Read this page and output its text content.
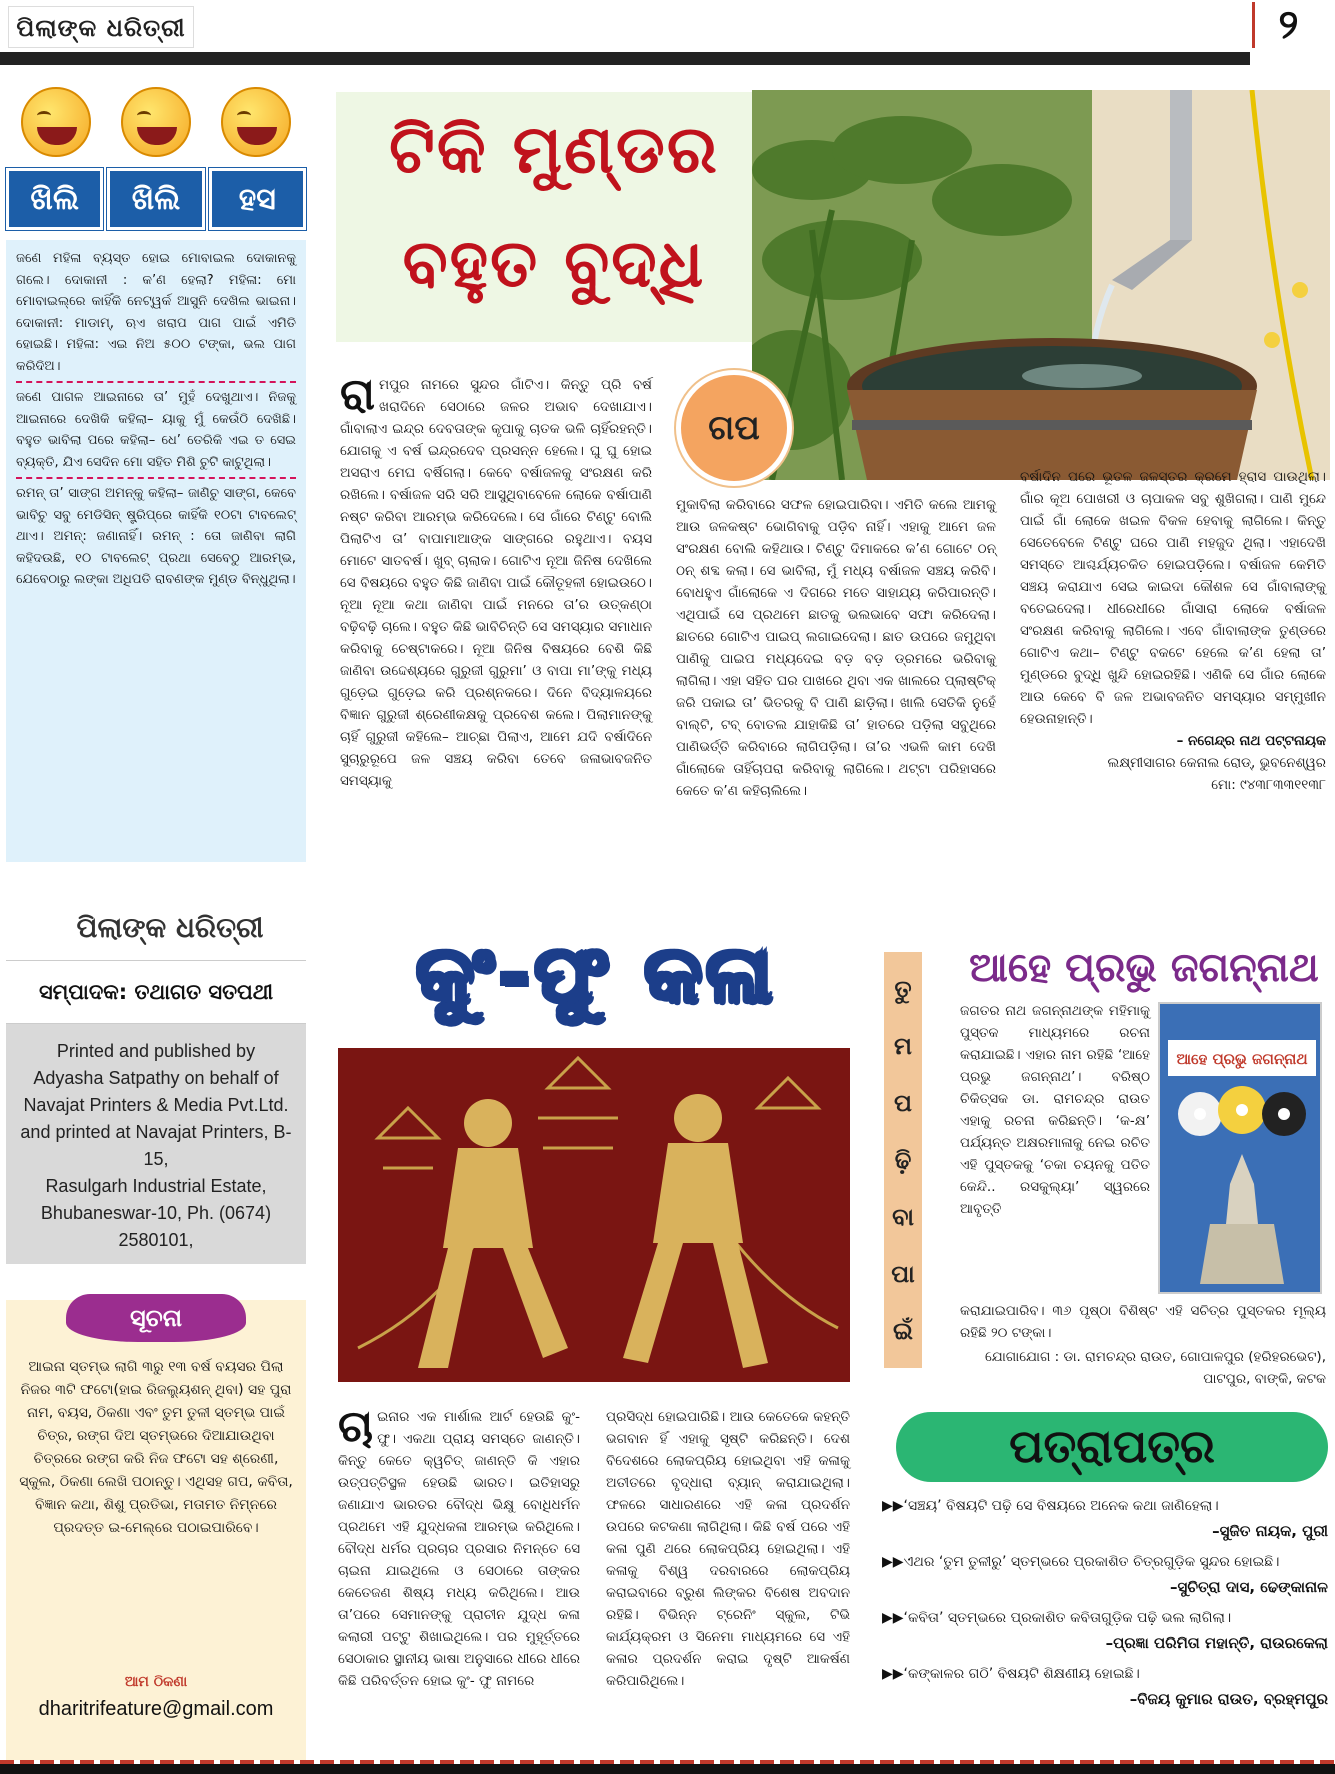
ପିଲାଙ୍କ ଧରିତ୍ରୀ	୨
ଖିଲି	ଖିଲି	ହସ

ଜଣେ ମହିଳା ବ୍ୟସ୍ତ ହୋଇ ମୋବାଇଲ ଦୋକାନକୁ ଗଲେ। ଦୋକାନୀ : କ’ଣ ହେଲା? ମହିଳା: ମୋ ମୋବାଇଲ୍‌ରେ କାହିଁକି ନେଟ୍‌ୱର୍କ ଆସୁନି ଦେଖିଲ ଭାଇନା। ଦୋକାନୀ: ମାଡାମ୍, ଋଏ ଖରାପ ପାଗ ପାଇଁ ଏମିତି ହୋଇଛି। ମହିଳା: ଏଇ ନିଅ ୫୦୦ ଟଙ୍କା, ଭଲ ପାଗ କରିଦିଅ।

ଜଣେ ପାଗଳ ଆଇନାରେ ତା’ ମୁହଁ ଦେଖୁଥାଏ। ନିଜକୁ ଆଇନାରେ ଦେଖିକି କହିଲା– ୟାକୁ ମୁଁ କେଉଁଠି ଦେଖିଛି। ବହୁତ ଭାବିଲା ପରେ କହିଲା– ଧେ’ ତେରିକି ଏଇ ତ ସେଇ ବ୍ୟକ୍ତି, ଯିଏ ସେଦିନ ମୋ ସହିତ ମିଶି ଚୁଟି କାଟୁଥିଲା।

ରମନ୍ ତା’ ସାଙ୍ଗ ଅମନ୍‌କୁ କହିଲା– ଜାଣିଚୁ ସାଙ୍ଗ, କେବେ ଭାବିଚୁ ସବୁ ମେଡିସିନ୍ ଷ୍ଟ୍ରିପ୍‌ରେ କାହିଁକି ୧୦ଟା ଟାବଲେଟ୍ ଥାଏ। ଅମନ୍: ଜଣାନାହିଁ। ରମନ୍ : ତୋ ଜାଣିବା ଲାଗି କହିଦଉଛି, ୧୦ ଟାବଲେଟ୍ ପ୍ରଥା ସେବେଠୁ ଆରମ୍ଭ, ଯେବେଠାରୁ ଲଙ୍କା ଅଧିପତି ରାବଣଙ୍କ ମୁଣ୍ଡ ବିନ୍ଧୁଥିଲା।

ପିଲାଙ୍କ ଧରିତ୍ରୀ
ସମ୍ପାଦକ: ତଥାଗତ ସତପଥୀ
Printed and published by
Adyasha Satpathy on behalf of
Navajat Printers & Media Pvt.Ltd.
and printed at Navajat Printers, B-15,
Rasulgarh Industrial Estate,
Bhubaneswar-10, Ph. (0674) 2580101,
ସୂଚନା

ଆଇନା ସ୍ତମ୍ଭ ଲାଗି ୩ରୁ ୧୩ ବର୍ଷ ବୟସର ପିଲା ନିଜର ୩ଟି ଫଟୋ(ହାଇ ରିଜଲ୍ୟୁଶନ୍ ଥିବା) ସହ ପୁରା ନାମ, ବୟସ, ଠିକଣା ଏବଂ ତୁମ ତୁଳୀ ସ୍ତମ୍ଭ ପାଇଁ ଚିତ୍ର, ରଙ୍ଗ ଦିଅ ସ୍ତମ୍ଭରେ ଦିଆଯାଉଥିବା ଚିତ୍ରରେ ରଙ୍ଗ କରି ନିଜ ଫଟୋ ସହ ଶ୍ରେଣୀ, ସ୍କୁଲ, ଠିକଣା ଲେଖି ପଠାନ୍ତୁ। ଏଥିସହ ଗପ, କବିତା, ବିଜ୍ଞାନ କଥା, ଶିଶୁ ପ୍ରତିଭା, ମତାମତ ନିମ୍ନରେ ପ୍ରଦତ୍ତ ଇ-ମେଲ୍‌ରେ ପଠାଇପାରିବେ।

ଆମ ଠିକଣା
dharitrifeature@gmail.com
ଟିକି ମୁଣ୍ଡର
ବହୁତ ବୁଦ୍ଧି
ଗପ

ରାମପୁର ନାମରେ ସୁନ୍ଦର ଗାଁଟିଏ। କିନ୍ତୁ ପ୍ରି ବର୍ଷ ଖରାଦିନେ ସେଠାରେ ଜଳର ଅଭାବ ଦେଖାଯାଏ। ଗାଁବାଲାଏ ଇନ୍ଦ୍ର ଦେବତାଙ୍କ କୃପାକୁ ଚାତକ ଭଳି ଚାହିଁରହନ୍ତି। ଯୋଗକୁ ଏ ବର୍ଷ ଇନ୍ଦ୍ରଦେବ ପ୍ରସନ୍ନ ହେଲେ। ଘୁ ଘୁ ହୋଇ ଅସରାଏ ମେଘ ବର୍ଷିଗଲା। କେବେ ବର୍ଷାଜଳକୁ ସଂରକ୍ଷଣ କରି ରଖିଲେ। ବର୍ଷାଜଳ ସରି ସରି ଆସୁଥିବାବେଳେ ଲୋକେ ବର୍ଷାପାଣି ନଷ୍ଟ କରିବା ଆରମ୍ଭ କରିଦେଲେ। ସେ ଗାଁରେ ଟିଣ୍ଟୁ ବୋଲି ପିଲାଟିଏ ତା’ ବାପାମାଆଙ୍କ ସାଙ୍ଗରେ ରହୁଥାଏ। ବୟସ ମୋଟେ ସାତବର୍ଷ। ଖୁବ୍ ଚାଲାକ। ଗୋଟିଏ ନୂଆ ଜିନିଷ ଦେଖିଲେ ସେ ବିଷୟରେ ବହୁତ କିଛି ଜାଣିବା ପାଇଁ କୌତୂହଳୀ ହୋଇଉଠେ। ନୂଆ ନୂଆ କଥା ଜାଣିବା ପାଇଁ ମନରେ ତା’ର ଉତ୍କଣ୍ଠା ବଢ଼ିବଢ଼ି ଚାଲେ। ବହୁତ କିଛି ଭାବିଚିନ୍ତି ସେ ସମସ୍ୟାର ସମାଧାନ କରିବାକୁ ଚେଷ୍ଟାକରେ। ନୂଆ ଜିନିଷ ବିଷୟରେ ବେଶି କିଛି ଜାଣିବା ଉଦ୍ଦେଶ୍ୟରେ ଗୁରୁଜୀ ଗୁରୁମା’ ଓ ବାପା ମା’ଙ୍କୁ ମଧ୍ୟ ଗୁଡ଼େଇ ଗୁଡ଼େଇ କରି ପ୍ରଶ୍ନକରେ। ଦିନେ ବିଦ୍ୟାଳୟରେ ବିଜ୍ଞାନ ଗୁରୁଜୀ ଶ୍ରେଣୀକକ୍ଷକୁ ପ୍ରବେଶ କଲେ। ପିଲାମାନଙ୍କୁ ଚାହିଁ ଗୁରୁଜୀ କହିଲେ– ଆଚ୍ଛା ପିଲାଏ, ଆମେ ଯଦି ବର୍ଷାଦିନେ ସୁଚାରୁରୂପେ ଜଳ ସଞ୍ଚୟ କରିବା ତେବେ ଜଳାଭାବଜନିତ ସମସ୍ୟାକୁ

ମୁକାବିଲା କରିବାରେ ସଫଳ ହୋଇପାରିବା। ଏମିତି କଲେ ଆମକୁ ଆଉ ଜଳକଷ୍ଟ ଭୋଗିବାକୁ ପଡ଼ିବ ନାହିଁ। ଏହାକୁ ଆମେ ଜଳ ସଂରକ୍ଷଣ ବୋଲି କହିଥାଉ। ଟିଣ୍ଟୁ ଦିମାକରେ କ’ଣ ଗୋଟେ ଠନ୍ ଠନ୍ ଶବ୍ଦ କଲା। ସେ ଭାବିଲା, ମୁଁ ମଧ୍ୟ ବର୍ଷାଜଳ ସଞ୍ଚୟ କରିବି। ବୋଧହୁଏ ଗାଁଲୋକେ ଏ ଦିଗରେ ମତେ ସାହାଯ୍ୟ କରିପାରନ୍ତି। ଏଥିପାଇଁ ସେ ପ୍ରଥମେ ଛାତକୁ ଭଲଭାବେ ସଫା କରିଦେଲା। ଛାତରେ ଗୋଟିଏ ପାଇପ୍ ଲଗାଇଦେଲା। ଛାତ ଉପରେ ଜମୁଥିବା ପାଣିକୁ ପାଇପ ମଧ୍ୟଦେଇ ବଡ଼ ବଡ଼ ଡ୍ରମରେ ଭରିବାକୁ ଲାଗିଲା। ଏହା ସହିତ ଘର ପାଖରେ ଥିବା ଏକ ଖାଲରେ ପ୍ଲାଷ୍ଟିକ୍ ଜରି ପକାଇ ତା’ ଭିତରକୁ ବି ପାଣି ଛାଡ଼ିଲା। ଖାଲି ସେତିକି ନୁହେଁ ବାଲ୍‌ଟି, ଟବ୍‌ ବୋତଲ ଯାହାକିଛି ତା’ ହାତରେ ପଡ଼ିଲା ସବୁଥିରେ ପାଣିଭର୍ତ୍ତି କରିବାରେ ଲାଗିପଡ଼ିଲା। ତା’ର ଏଭଳି କାମ ଦେଖି ଗାଁଲୋକେ ତାହିଁଚାପରା କରିବାକୁ ଲାଗିଲେ। ଥଟ୍ଟା ପରିହାସରେ କେତେ କ’ଣ କହିଚାଲିଲେ।

ବର୍ଷାଦିନ ପରେ ଭୂତଳ ଜଳସ୍ତର କ୍ରମେ ହ୍ରାସ ପାଉଥିଲା। ଗାଁର କୂଅ ପୋଖରୀ ଓ ଚାପାକଳ ସବୁ ଶୁଖିଗଲା। ପାଣି ମୁନ୍ଦେ ପାଇଁ ଗାଁ ଲୋକେ ଖଇଳ ବିକଳ ହେବାକୁ ଲାଗିଲେ। କିନ୍ତୁ ସେତେବେଳେ ଟିଣ୍ଟୁ ଘରେ ପାଣି ମହଜୁଦ ଥିଲା। ଏହାଦେଖି ସମସ୍ତେ ଆଶ୍ଚର୍ଯ୍ୟଚକିତ ହୋଇପଡ଼ିଲେ। ବର୍ଷାଜଳ କେମିତି ସଞ୍ଚୟ କରାଯାଏ ସେଇ କାଇଦା କୌଶଳ ସେ ଗାଁବାଲାଙ୍କୁ ବତେଇଦେଲା। ଧୀରେଧୀରେ ଗାଁସାରା ଲୋକେ ବର୍ଷାଜଳ ସଂରକ୍ଷଣ କରିବାକୁ ଲାଗିଲେ। ଏବେ ଗାଁବାଲାଙ୍କ ତୁଣ୍ଡରେ ଗୋଟିଏ କଥା– ଟିଣ୍ଟୁ ବକଟେ ହେଲେ କ’ଣ ହେଲା ତା’ ମୁଣ୍ଡରେ ବୁଦ୍ଧି ଖୁନ୍ଦି ହୋଇରହିଛି। ଏଣିକି ସେ ଗାଁର ଲୋକେ ଆଉ କେବେ ବି ଜଳ ଅଭାବଜନିତ ସମସ୍ୟାର ସମ୍ମୁଖୀନ ହେଉନାହାନ୍ତି।

– ନଗେନ୍ଦ୍ର ନାଥ ପଟ୍ଟନାୟକ

ଲକ୍ଷ୍ମୀସାଗର କେନାଲ ରୋଡ୍, ଭୁବନେଶ୍ୱର

ମୋ: ୯୪୩୮୩୩୧୧୩୮

କୁଂ-ଫୁ କଳା

ଚାଇନାର ଏକ ମାର୍ଶାଲ ଆର୍ଟ ହେଉଛି କୁଂ-ଫୁ। ଏକଥା ପ୍ରାୟ ସମସ୍ତେ ଜାଣନ୍ତି। କିନ୍ତୁ କେତେ କ୍ୱଚିତ୍ ଜାଣନ୍ତି କି ଏହାର ଉତ୍ପତ୍ତିସ୍ଥଳ ହେଉଛି ଭାରତ। ଇତିହାସରୁ ଜଣାଯାଏ ଭାରତର ବୌଦ୍ଧ ଭିକ୍ଷୁ ବୋଧିଧର୍ମନ ପ୍ରଥମେ ଏହି ଯୁଦ୍ଧକଳା ଆରମ୍ଭ କରିଥିଲେ। ବୌଦ୍ଧ ଧର୍ମର ପ୍ରଚାର ପ୍ରସାର ନିମନ୍ତେ ସେ ଚାଇନା ଯାଇଥିଲେ ଓ ସେଠାରେ ତାଙ୍କର କେତେଜଣ ଶିଷ୍ୟ ମଧ୍ୟ କରିଥିଲେ। ଆଉ ତା’ପରେ ସେମାନଙ୍କୁ ପ୍ରାଚୀନ ଯୁଦ୍ଧ କଳା କଲାରୀ ପଟ୍ଟୁ ଶିଖାଇଥିଲେ। ପର ମୁହୂର୍ତ୍ତରେ ସେଠାକାର ସ୍ଥାନୀୟ ଭାଷା ଅନୁସାରେ ଧୀରେ ଧୀରେ କିଛି ପରିବର୍ତ୍ତନ ହୋଇ କୁଂ- ଫୁ ନାମରେ

ପ୍ରସିଦ୍ଧ ହୋଇପାରିଛି। ଆଉ କେତେକେ କହନ୍ତି ଭଗବାନ ହିଁ ଏହାକୁ ସୃଷ୍ଟି କରିଛନ୍ତି। ଦେଶ ବିଦେଶରେ ଲୋକପ୍ରିୟ ହୋଇଥିବା ଏହି କଳାକୁ ଅତୀତରେ ବୃଦ୍ଧାରା ବ୍ୟାନ୍ କରାଯାଇଥିଲା। ଫଳରେ ସାଧାରଣରେ ଏହି କଳା ପ୍ରଦର୍ଶନ ଉପରେ କଟକଣା ଲାଗିଥିଲା। କିଛି ବର୍ଷ ପରେ ଏହି କଳା ପୁଣି ଥରେ ଲୋକପ୍ରିୟ ହୋଇଥିଲା। ଏହି କଳାକୁ ବିଶ୍ୱ ଦରବାରରେ ଲୋକପ୍ରିୟ କରାଇବାରେ ବ୍ରୁଶ ଲିଙ୍କର ବିଶେଷ ଅବଦାନ ରହିଛି। ବିଭିନ୍ନ ଟ୍ରେନିଂ ସ୍କୁଲ, ଟିଭି କାର୍ଯ୍ୟକ୍ରମ ଓ ସିନେମା ମାଧ୍ୟମରେ ସେ ଏହି କଳାର ପ୍ରଦର୍ଶନ କରାଇ ଦୃଷ୍ଟି ଆକର୍ଷଣ କରିପାରିଥିଲେ।

ତୁ
ମ
ପ
ଢ଼ି
ବା
ପା
ଇଁ
ଆହେ ପ୍ରଭୁ ଜଗନ୍ନାଥ

ଜଗତର ନାଥ ଜଗନ୍ନାଥଙ୍କ ମହିମାକୁ ପୁସ୍ତକ ମାଧ୍ୟମରେ ରଚନା କରାଯାଇଛି। ଏହାର ନାମ ରହିଛି ‘ଆହେ ପ୍ରଭୁ ଜଗନ୍ନାଥ’। ବରିଷ୍ଠ ଚିକିତ୍ସକ ଡା. ରାମଚନ୍ଦ୍ର ରାଉତ ଏହାକୁ ରଚନା କରିଛନ୍ତି। ‘କ-କ୍ଷ’ ପର୍ଯ୍ୟନ୍ତ ଅକ୍ଷରମାଳାକୁ ନେଇ ରଚିତ ଏହି ପୁସ୍ତକକୁ ‘ଚକା ଚୟନକୁ ପତିତ କେନ୍ଦି.. ରସକୁଲ୍ୟା’ ସ୍ୱରରେ ଆବୃତ୍ତି

ଆହେ ପ୍ରଭୁ ଜଗନ୍ନାଥ

କରାଯାଇପାରିବ। ୩୬ ପୃଷ୍ଠା ବିଶିଷ୍ଟ ଏହି ସଚିତ୍ର ପୁସ୍ତକର ମୂଲ୍ୟ ରହିଛି ୨୦ ଟଙ୍କା।

ଯୋଗାଯୋଗ : ଡା. ରାମଚନ୍ଦ୍ର ରାଉତ, ଗୋପାଳପୁର (ହରିହରଭେଟ), ପାଟପୁର, ବାଙ୍କି, କଟକ

ପତ୍ରାପତ୍ର
▶▶‘ସଞ୍ଚୟ’ ବିଷୟଟି ପଢ଼ି ସେ ବିଷୟରେ ଅନେକ କଥା ଜାଣିହେଲା।
–ସୁଜିତ ନାୟକ, ପୁରୀ
▶▶ଏଥର ‘ତୁମ ତୁଳୀରୁ’ ସ୍ତମ୍ଭରେ ପ୍ରକାଶିତ ଚିତ୍ରଗୁଡ଼ିକ ସୁନ୍ଦର ହୋଇଛି।
–ସୁଚିତ୍ରା ଦାସ, ଢେଙ୍କାନାଳ
▶▶‘କବିତା’ ସ୍ତମ୍ଭରେ ପ୍ରକାଶିତ କବିତାଗୁଡ଼ିକ ପଢ଼ି ଭଲ ଲାଗିଲା।
–ପ୍ରଜ୍ଞା ପରିମିତା ମହାନ୍ତି, ରାଉରକେଲା
▶▶‘କଙ୍କାଳର ଗଠି’ ବିଷୟଟି ଶିକ୍ଷଣୀୟ ହୋଇଛି।
–ବିଜୟ କୁମାର ରାଉତ, ବ୍ରହ୍ମପୁର
